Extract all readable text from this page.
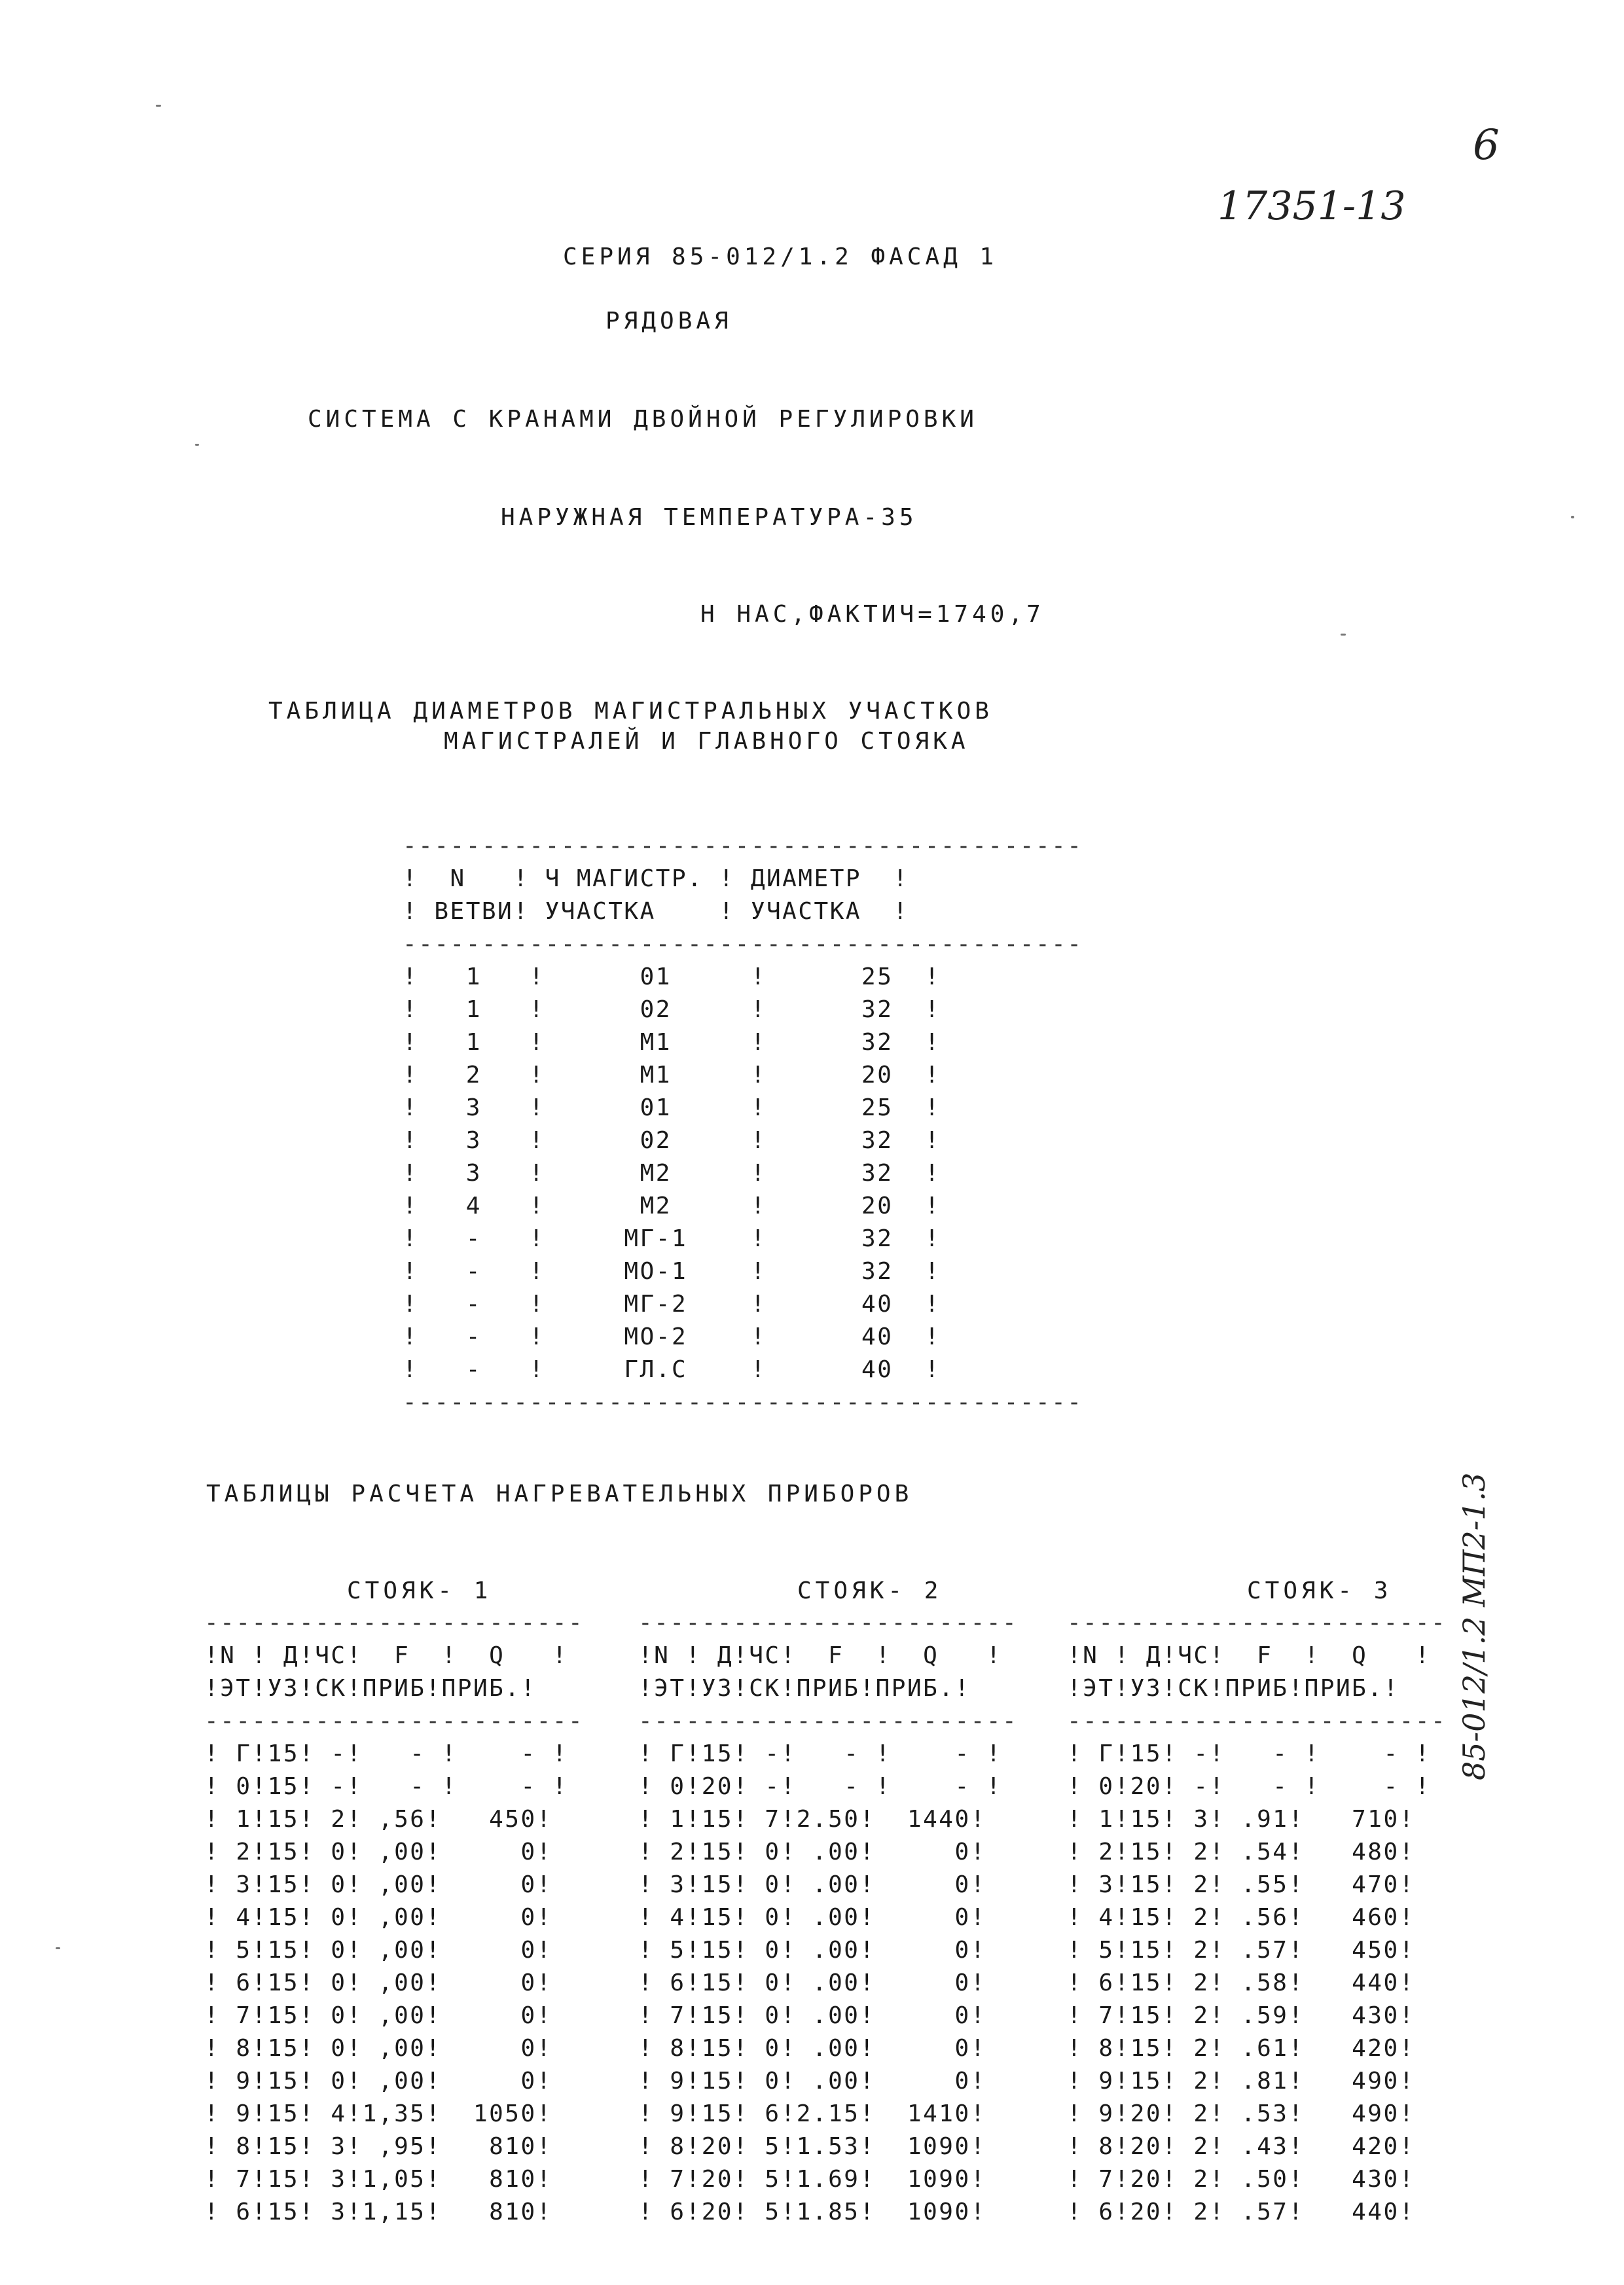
6
17351-13
85-012/1.2 МП2-1.3
СЕРИЯ 85-012/1.2 ФАСАД 1
РЯДОВАЯ
СИСТЕМА С КРАНАМИ ДВОЙНОЙ РЕГУЛИРОВКИ
НАРУЖНАЯ ТЕМПЕРАТУРА-35
Н НАС,ФАКТИЧ=1740,7
ТАБЛИЦА ДИАМЕТРОВ МАГИСТРАЛЬНЫХ УЧАСТКОВ
МАГИСТРАЛЕЙ И ГЛАВНОГО СТОЯКА
-------------------------------------------
!  N   ! Ч МАГИСТР. ! ДИАМЕТР  !
! ВЕТВИ! УЧАСТКА    ! УЧАСТКА  !
-------------------------------------------
!   1   !      01     !      25  !
!   1   !      02     !      32  !
!   1   !      М1     !      32  !
!   2   !      М1     !      20  !
!   3   !      01     !      25  !
!   3   !      02     !      32  !
!   3   !      М2     !      32  !
!   4   !      М2     !      20  !
!   -   !     МГ-1    !      32  !
!   -   !     МО-1    !      32  !
!   -   !     МГ-2    !      40  !
!   -   !     МО-2    !      40  !
!   -   !     ГЛ.С    !      40  !
-------------------------------------------
ТАБЛИЦЫ РАСЧЕТА НАГРЕВАТЕЛЬНЫХ ПРИБОРОВ
СТОЯК- 1	СТОЯК- 2	СТОЯК- 3
------------------------
!N ! Д!ЧС!  F  !  Q   !
!ЭТ!УЗ!СК!ПРИБ!ПРИБ.!
------------------------
! Г!15! -!   - !    - !
! 0!15! -!   - !    - !
! 1!15! 2! ,56!   450!
! 2!15! 0! ,00!     0!
! 3!15! 0! ,00!     0!
! 4!15! 0! ,00!     0!
! 5!15! 0! ,00!     0!
! 6!15! 0! ,00!     0!
! 7!15! 0! ,00!     0!
! 8!15! 0! ,00!     0!
! 9!15! 0! ,00!     0!
! 9!15! 4!1,35!  1050!
! 8!15! 3! ,95!   810!
! 7!15! 3!1,05!   810!
! 6!15! 3!1,15!   810!
------------------------
!N ! Д!ЧС!  F  !  Q   !
!ЭТ!УЗ!СК!ПРИБ!ПРИБ.!
------------------------
! Г!15! -!   - !    - !
! 0!20! -!   - !    - !
! 1!15! 7!2.50!  1440!
! 2!15! 0! .00!     0!
! 3!15! 0! .00!     0!
! 4!15! 0! .00!     0!
! 5!15! 0! .00!     0!
! 6!15! 0! .00!     0!
! 7!15! 0! .00!     0!
! 8!15! 0! .00!     0!
! 9!15! 0! .00!     0!
! 9!15! 6!2.15!  1410!
! 8!20! 5!1.53!  1090!
! 7!20! 5!1.69!  1090!
! 6!20! 5!1.85!  1090!
------------------------
!N ! Д!ЧС!  F  !  Q   !
!ЭТ!УЗ!СК!ПРИБ!ПРИБ.!
------------------------
! Г!15! -!   - !    - !
! 0!20! -!   - !    - !
! 1!15! 3! .91!   710!
! 2!15! 2! .54!   480!
! 3!15! 2! .55!   470!
! 4!15! 2! .56!   460!
! 5!15! 2! .57!   450!
! 6!15! 2! .58!   440!
! 7!15! 2! .59!   430!
! 8!15! 2! .61!   420!
! 9!15! 2! .81!   490!
! 9!20! 2! .53!   490!
! 8!20! 2! .43!   420!
! 7!20! 2! .50!   430!
! 6!20! 2! .57!   440!
